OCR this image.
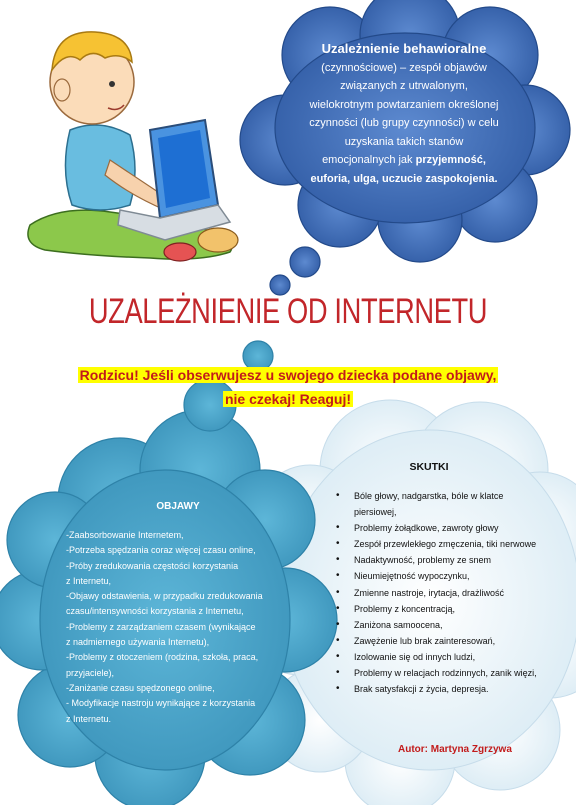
Uzależnienie behawioralne
(czynnościowe) – zespół objawów
związanych z utrwalonym,
wielokrotnym powtarzaniem określonej
czynności (lub grupy czynności) w celu
uzyskania takich stanów
emocjonalnych jak przyjemność,
euforia, ulga, uczucie zaspokojenia.
UZALEŻNIENIE OD INTERNETU
Rodzicu! Jeśli obserwujesz u swojego dziecka podane objawy,
nie czekaj! Reaguj!
OBJAWY
-Zaabsorbowanie Internetem,
-Potrzeba spędzania coraz więcej czasu online,
-Próby zredukowania częstości korzystania
z Internetu,
-Objawy odstawienia, w przypadku zredukowania
czasu/intensywności korzystania z Internetu,
-Problemy z zarządzaniem czasem (wynikające
z nadmiernego używania Internetu),
-Problemy z otoczeniem (rodzina, szkoła, praca,
przyjaciele),
-Zaniżanie czasu spędzonego online,
- Modyfikacje nastroju wynikające z korzystania
z Internetu.
SKUTKI
• Bóle głowy, nadgarstka, bóle w klatce
piersiowej,
• Problemy żołądkowe, zawroty głowy
• Zespół przewlekłego zmęczenia, tiki nerwowe
• Nadaktywność, problemy ze snem
• Nieumiejętność wypoczynku,
• Zmienne nastroje, irytacja, drażliwość
• Problemy z koncentracją,
• Zaniżona samoocena,
• Zawężenie lub brak zainteresowań,
• Izolowanie się od innych ludzi,
• Problemy w relacjach rodzinnych, zanik więzi,
• Brak satysfakcji z życia, depresja.
Autor: Martyna Zgrzywa
